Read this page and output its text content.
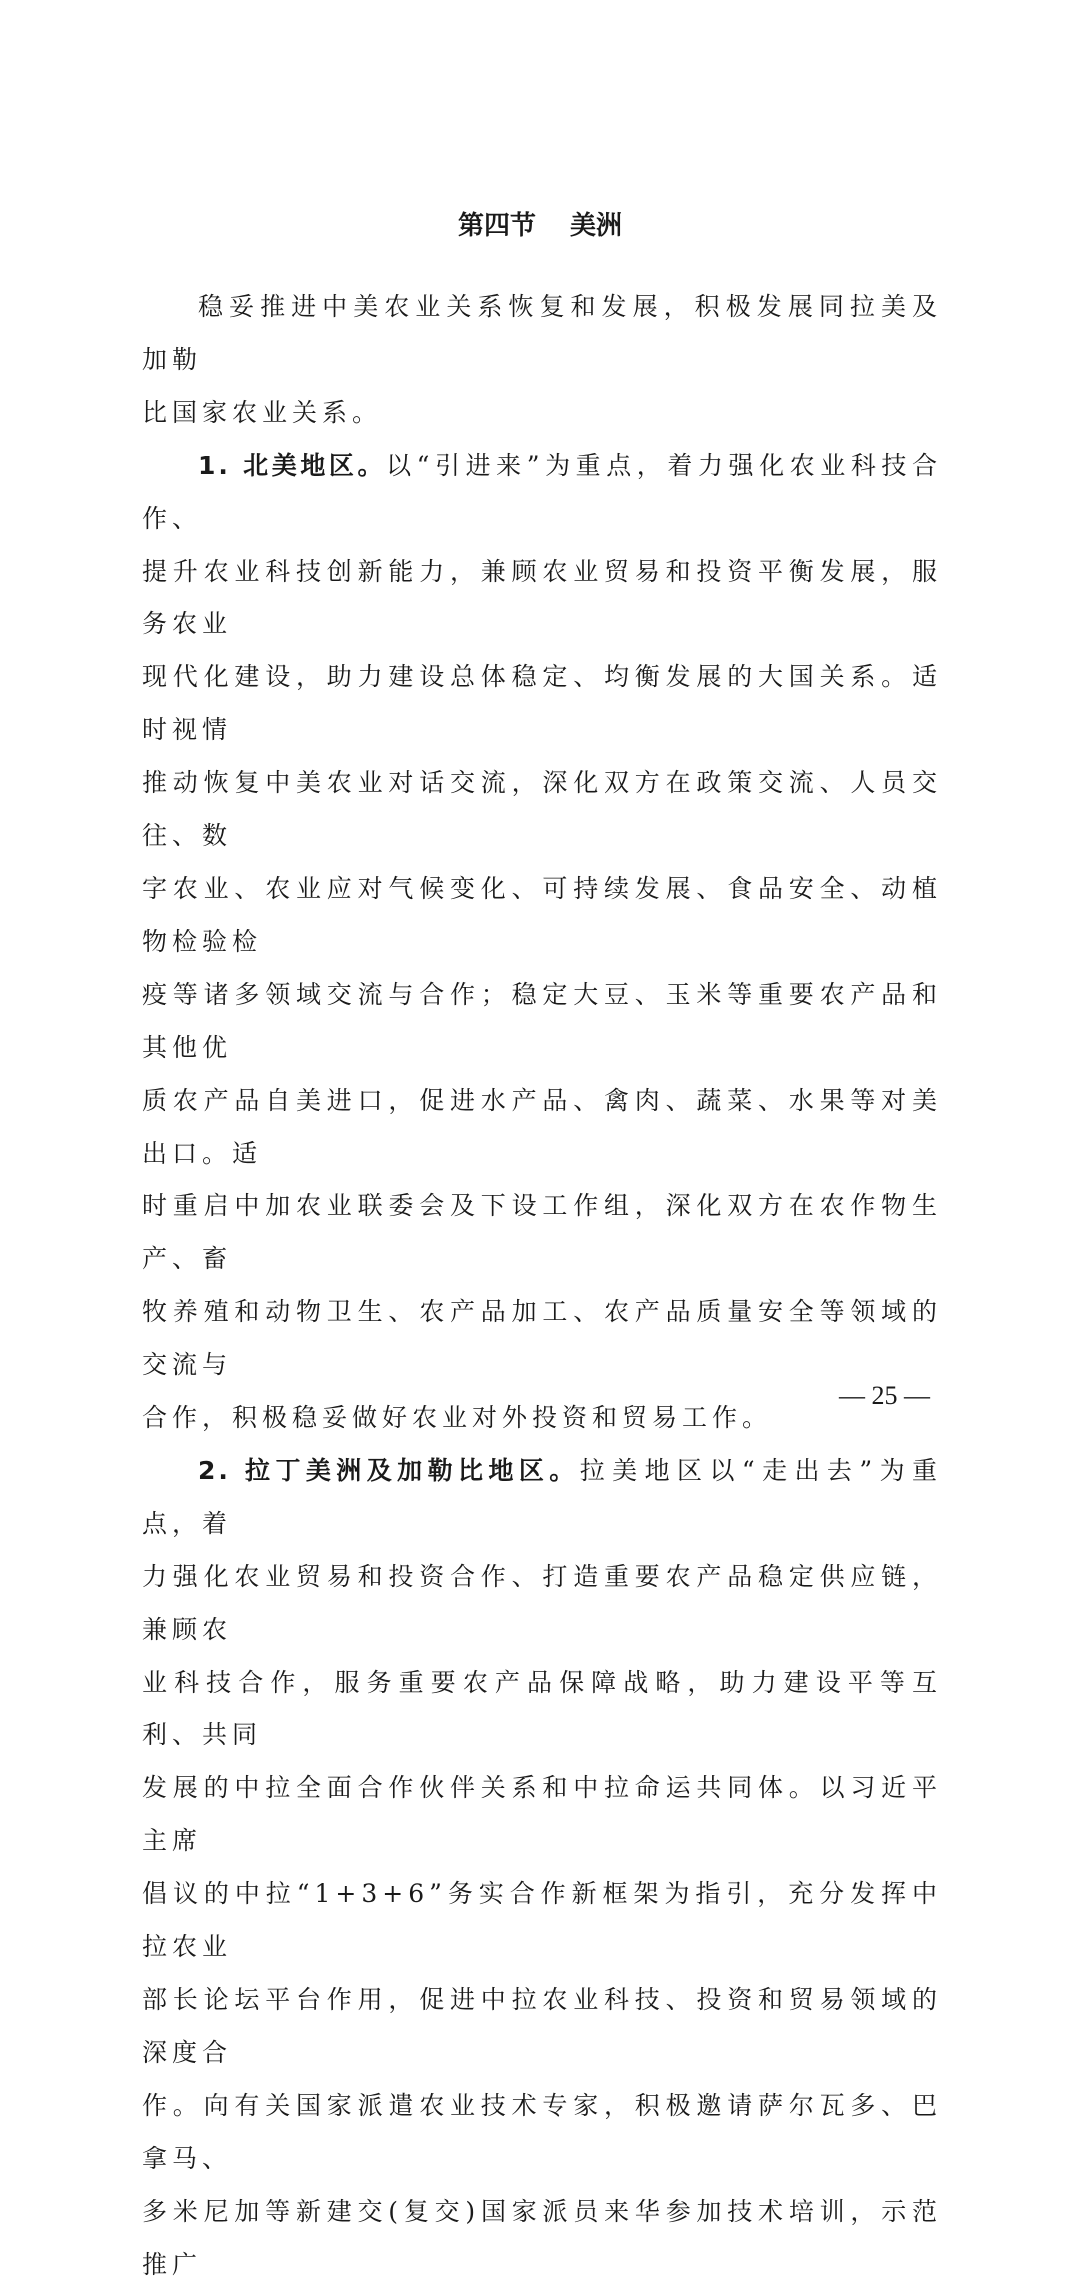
第四节 美洲

稳妥推进中美农业关系恢复和发展，积极发展同拉美及加勒
比国家农业关系。

1. 北美地区。以“引进来”为重点，着力强化农业科技合作、
提升农业科技创新能力，兼顾农业贸易和投资平衡发展，服务农业
现代化建设，助力建设总体稳定、均衡发展的大国关系。适时视情
推动恢复中美农业对话交流，深化双方在政策交流、人员交往、数
字农业、农业应对气候变化、可持续发展、食品安全、动植物检验检
疫等诸多领域交流与合作；稳定大豆、玉米等重要农产品和其他优
质农产品自美进口，促进水产品、禽肉、蔬菜、水果等对美出口。适
时重启中加农业联委会及下设工作组，深化双方在农作物生产、畜
牧养殖和动物卫生、农产品加工、农产品质量安全等领域的交流与
合作，积极稳妥做好农业对外投资和贸易工作。

2. 拉丁美洲及加勒比地区。拉美地区以“走出去”为重点，着
力强化农业贸易和投资合作、打造重要农产品稳定供应链，兼顾农
业科技合作，服务重要农产品保障战略，助力建设平等互利、共同
发展的中拉全面合作伙伴关系和中拉命运共同体。以习近平主席
倡议的中拉“1+3+6”务实合作新框架为指引，充分发挥中拉农业
部长论坛平台作用，促进中拉农业科技、投资和贸易领域的深度合
作。向有关国家派遣农业技术专家，积极邀请萨尔瓦多、巴拿马、
多米尼加等新建交(复交)国家派员来华参加技术培训，示范推广

— 25 —
